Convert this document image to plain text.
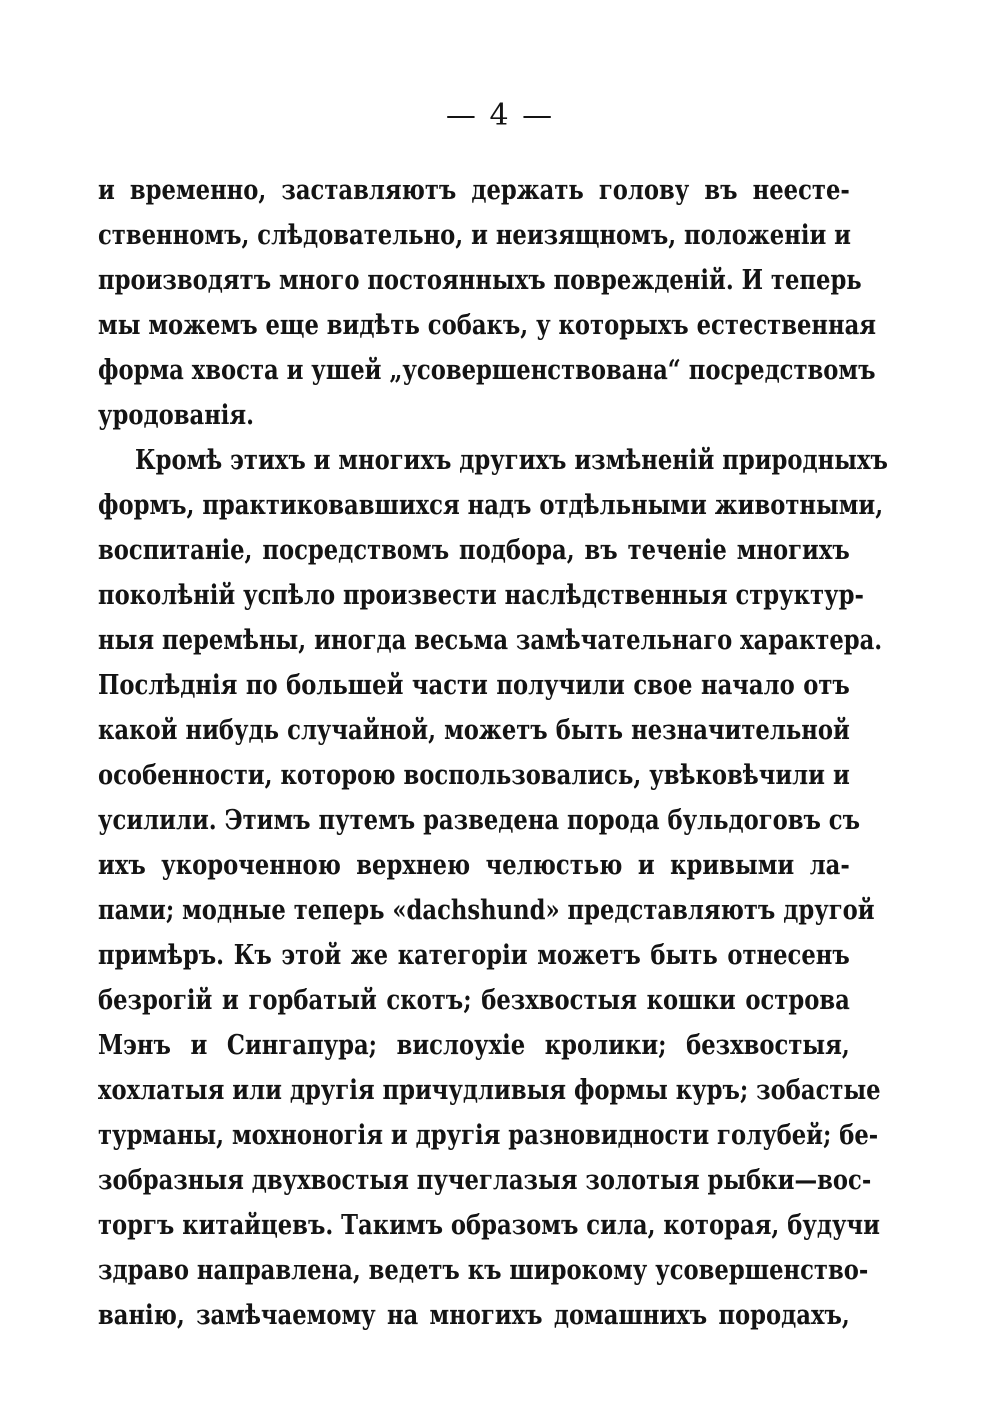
— 4 —
и временно, заставляютъ держать голову въ неесте-
ственномъ, слѣдовательно, и неизящномъ, положеніи и
производятъ много постоянныхъ поврежденій. И теперь
мы можемъ еще видѣть собакъ, у которыхъ естественная
форма хвоста и ушей „усовершенствована“ посредствомъ
уродованія.
Кромѣ этихъ и многихъ другихъ измѣненій природныхъ
формъ, практиковавшихся надъ отдѣльными животными,
воспитаніе, посредствомъ подбора, въ теченіе многихъ
поколѣній успѣло произвести наслѣдственныя структур-
ныя перемѣны, иногда весьма замѣчательнаго характера.
Послѣднія по большей части получили свое начало отъ
какой нибудь случайной, можетъ быть незначительной
особенности, которою воспользовались, увѣковѣчили и
усилили. Этимъ путемъ разведена порода бульдоговъ съ
ихъ укороченною верхнею челюстью и кривыми ла-
пами; модные теперь «dachshund» представляютъ другой
примѣръ. Къ этой же категоріи можетъ быть отнесенъ
безрогій и горбатый скотъ; безхвостыя кошки острова
Мэнъ и Сингапура; вислоухіе кролики; безхвостыя,
хохлатыя или другія причудливыя формы куръ; зобастые
турманы, мохноногія и другія разновидности голубей; бе-
зобразныя двухвостыя пучеглазыя золотыя рыбки—вос-
торгъ китайцевъ. Такимъ образомъ сила, которая, будучи
здраво направлена, ведетъ къ широкому усовершенство-
ванію, замѣчаемому на многихъ домашнихъ породахъ,
